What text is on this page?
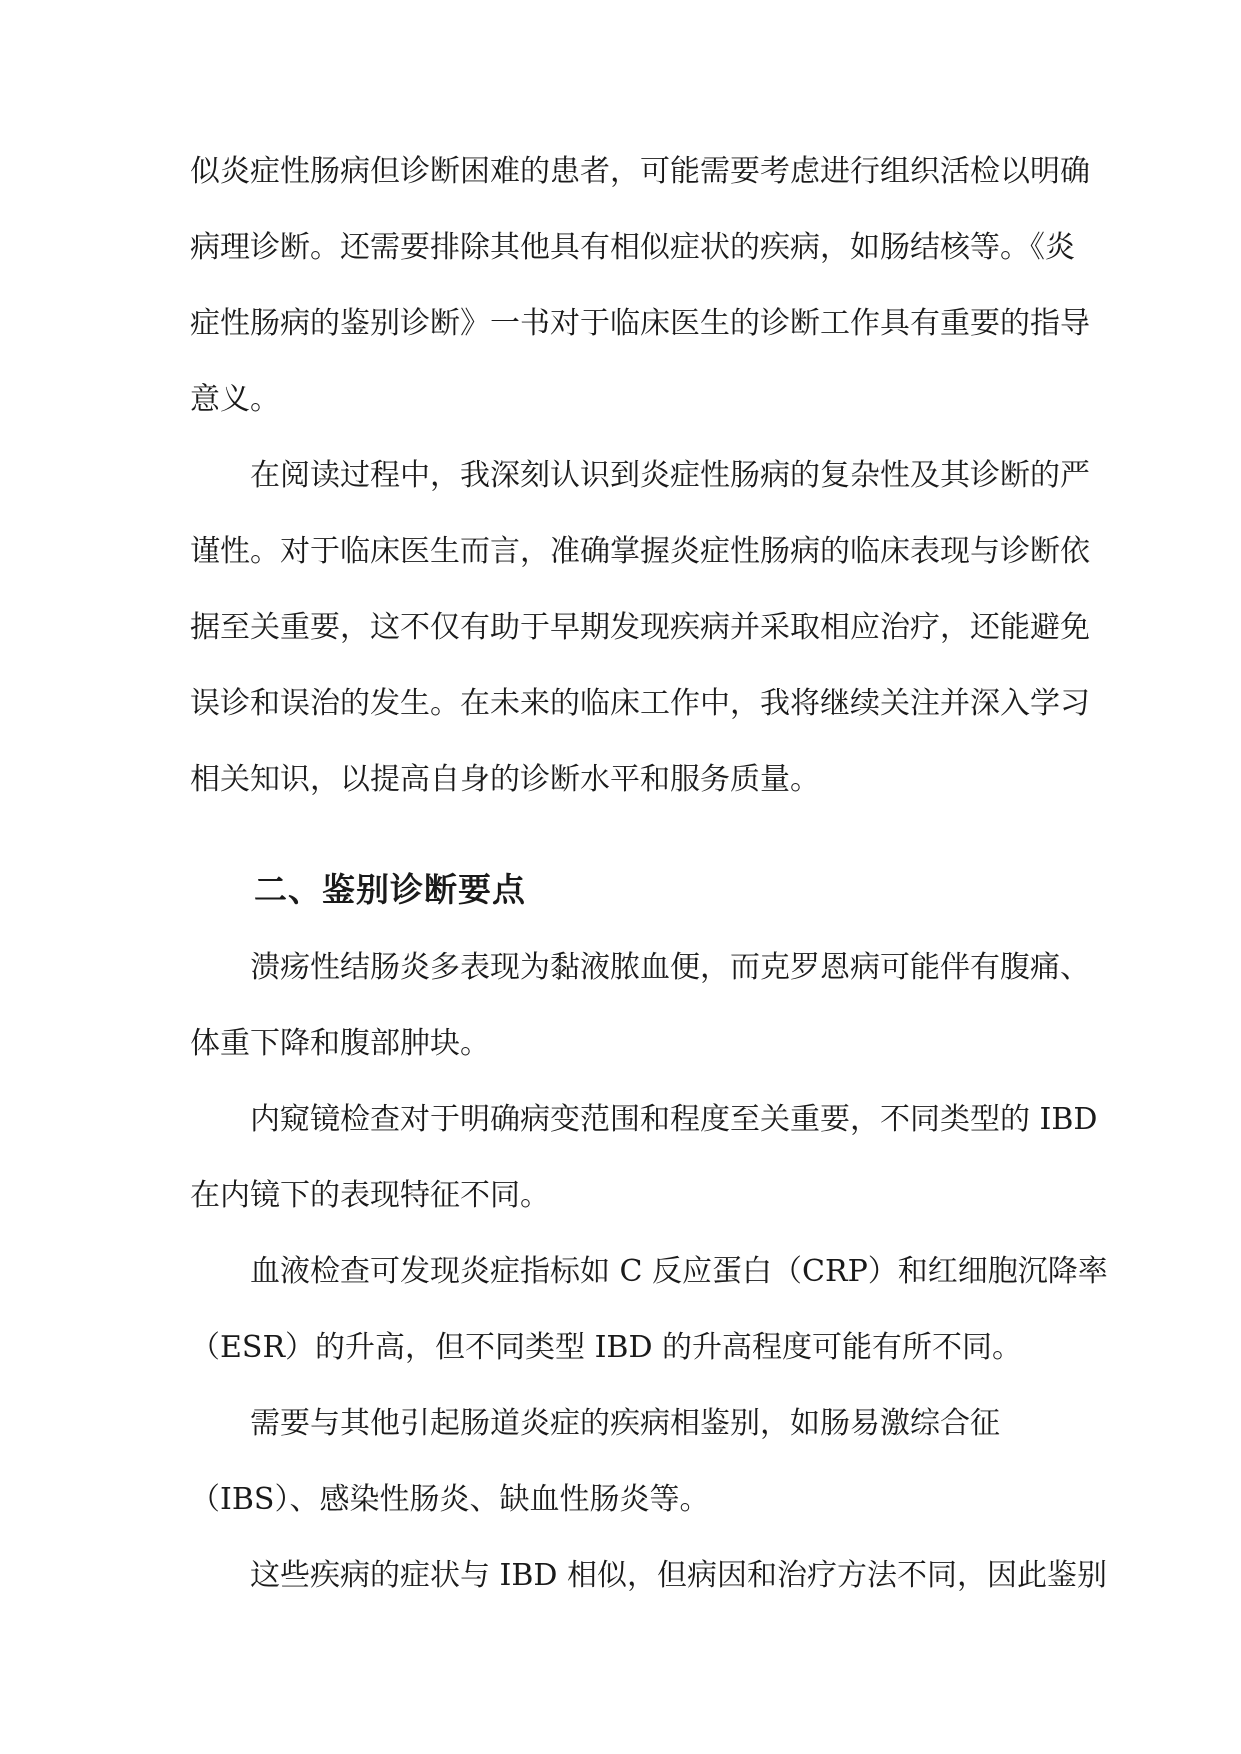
似炎症性肠病但诊断困难的患者，可能需要考虑进行组织活检以明确
病理诊断。还需要排除其他具有相似症状的疾病，如肠结核等。《炎
症性肠病的鉴别诊断》一书对于临床医生的诊断工作具有重要的指导
意义。
在阅读过程中，我深刻认识到炎症性肠病的复杂性及其诊断的严
谨性。对于临床医生而言，准确掌握炎症性肠病的临床表现与诊断依
据至关重要，这不仅有助于早期发现疾病并采取相应治疗，还能避免
误诊和误治的发生。在未来的临床工作中，我将继续关注并深入学习
相关知识，以提高自身的诊断水平和服务质量。
二、鉴别诊断要点
溃疡性结肠炎多表现为黏液脓血便，而克罗恩病可能伴有腹痛、
体重下降和腹部肿块。
内窥镜检查对于明确病变范围和程度至关重要，不同类型的 IBD
在内镜下的表现特征不同。
血液检查可发现炎症指标如 C 反应蛋白（CRP）和红细胞沉降率
（ESR）的升高，但不同类型 IBD 的升高程度可能有所不同。
需要与其他引起肠道炎症的疾病相鉴别，如肠易激综合征
（IBS）、感染性肠炎、缺血性肠炎等。
这些疾病的症状与 IBD 相似，但病因和治疗方法不同，因此鉴别
